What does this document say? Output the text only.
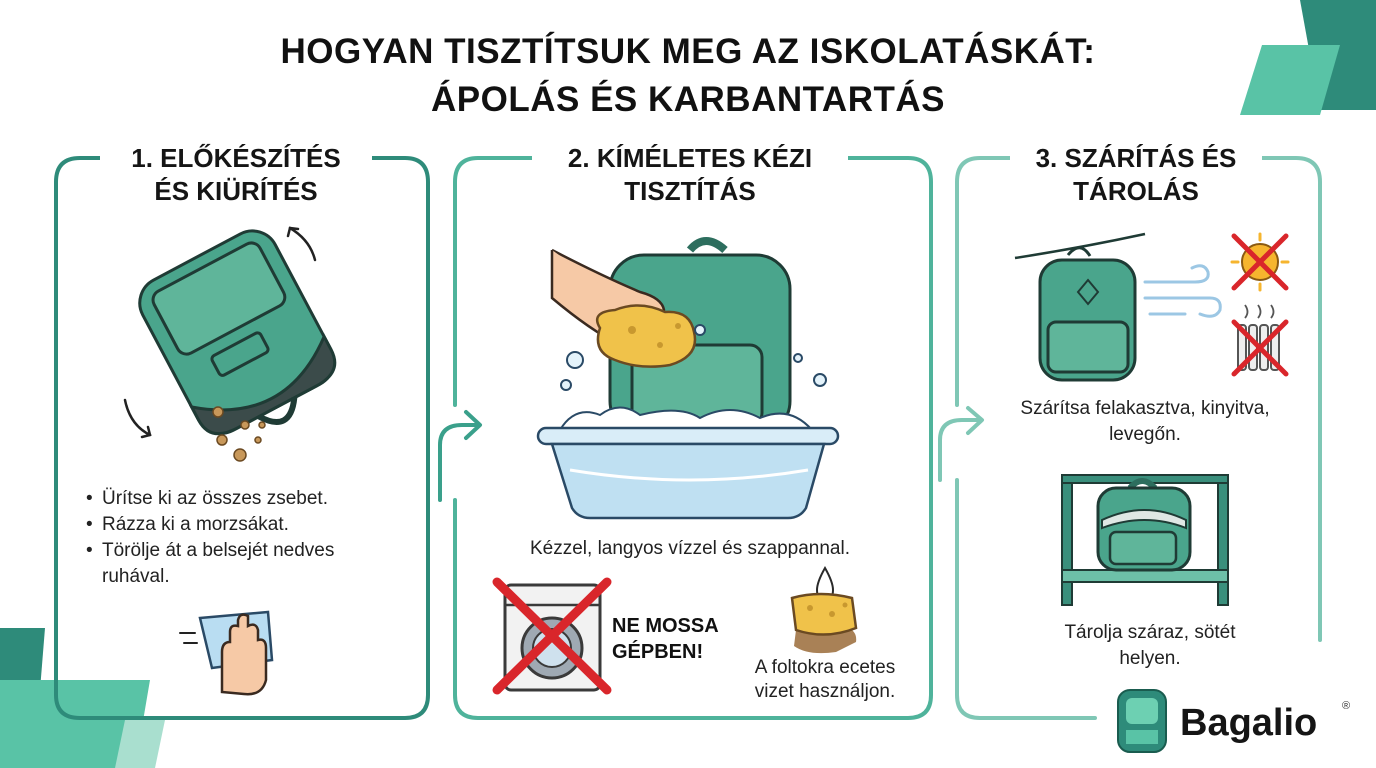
HOGYAN TISZTÍTSUK MEG AZ ISKOLATÁSKÁT:
ÁPOLÁS ÉS KARBANTARTÁS
1. ELŐKÉSZÍTÉS
ÉS KIÜRÍTÉS
• Ürítse ki az összes zsebet.
• Rázza ki a morzsákat.
• Törölje át a belsejét nedves
ruhával.
2. KÍMÉLETES KÉZI
TISZTÍTÁS
Kézzel, langyos vízzel és szappannal.
NE MOSSA
GÉPBEN!
A foltokra ecetes
vizet használjon.
3. SZÁRÍTÁS ÉS
TÁROLÁS
Szárítsa felakasztva, kinyitva,
levegőn.
Tárolja száraz, sötét
helyen.
Bagalio ®
